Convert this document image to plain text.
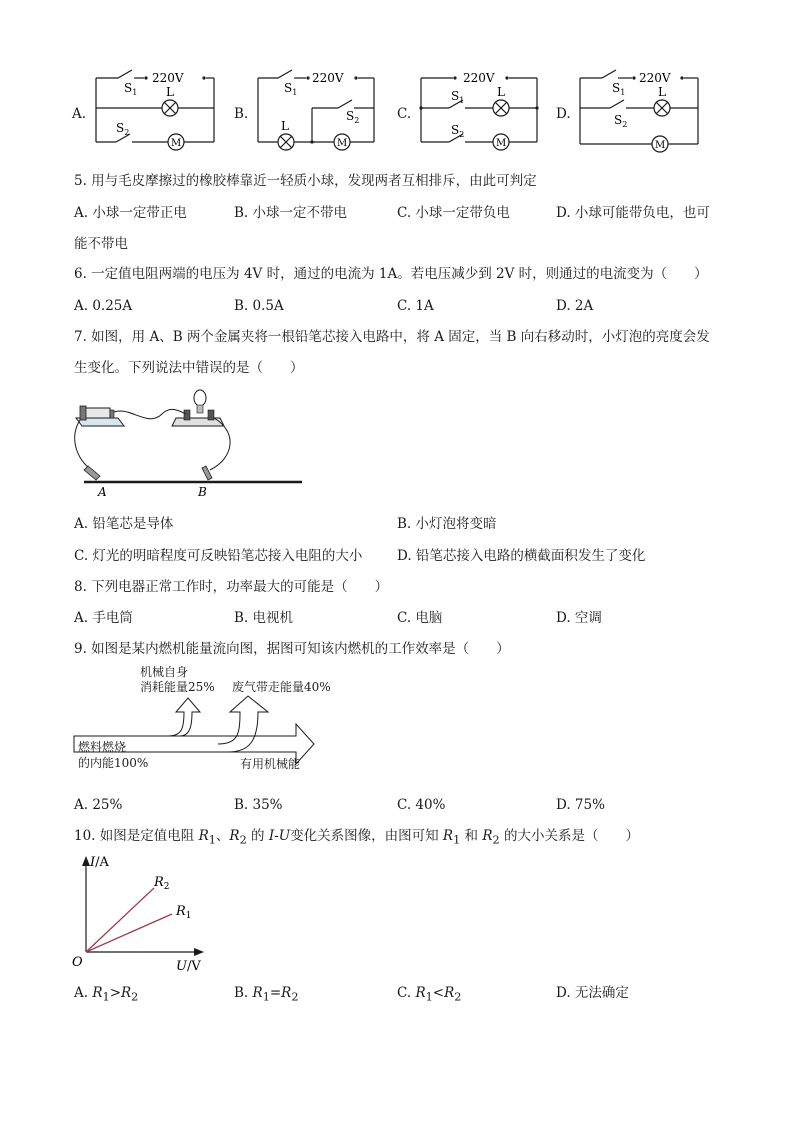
A.
220V
$S_1$ L
$S_2$
M
B.
220V
$S_1$
$S_2$
L
M
C.
220V
$S_1$
L
$S_2$
M
D.
220V
$S_1$	L
$S_2$
M
5. 用与毛皮摩擦过的橡胶棒靠近一轻质小球，发现两者互相排斥，由此可判定
A. 小球一定带正电	B. 小球一定不带电	C. 小球一定带负电	D. 小球可能带负电，也可
能不带电
6. 一定值电阻两端的电压为 4V 时，通过的电流为 1A。若电压减少到 2V 时，则通过的电流变为（　　）
A. 0.25A	B. 0.5A	C. 1A	D. 2A
7. 如图，用 A、B 两个金属夹将一根铅笔芯接入电路中，将 A 固定，当 B 向右移动时，小灯泡的亮度会发
生变化。下列说法中错误的是（　　）
A	B
A. 铅笔芯是导体	B. 小灯泡将变暗
C. 灯光的明暗程度可反映铅笔芯接入电阻的大小	D. 铅笔芯接入电路的横截面积发生了变化
8. 下列电器正常工作时，功率最大的可能是（　　）
A. 手电筒	B. 电视机	C. 电脑	D. 空调
9. 如图是某内燃机能量流向图，据图可知该内燃机的工作效率是（　　）
机械自身
消耗能量25% 废气带走能量40%
燃料燃烧
的内能100%	有用机械能
A. 25%	B. 35%	C. 40%	D. 75%
10. 如图是定值电阻 $R_1$、$R_2$ 的 I-U变化关系图像，由图可知 $R_1$ 和 $R_2$ 的大小关系是（　　）
I/A
U/V
O
$R_2$
$R_1$
A. $R_1>R_2$	B. $R_1=R_2$	C. $R_1<R_2$	D. 无法确定
